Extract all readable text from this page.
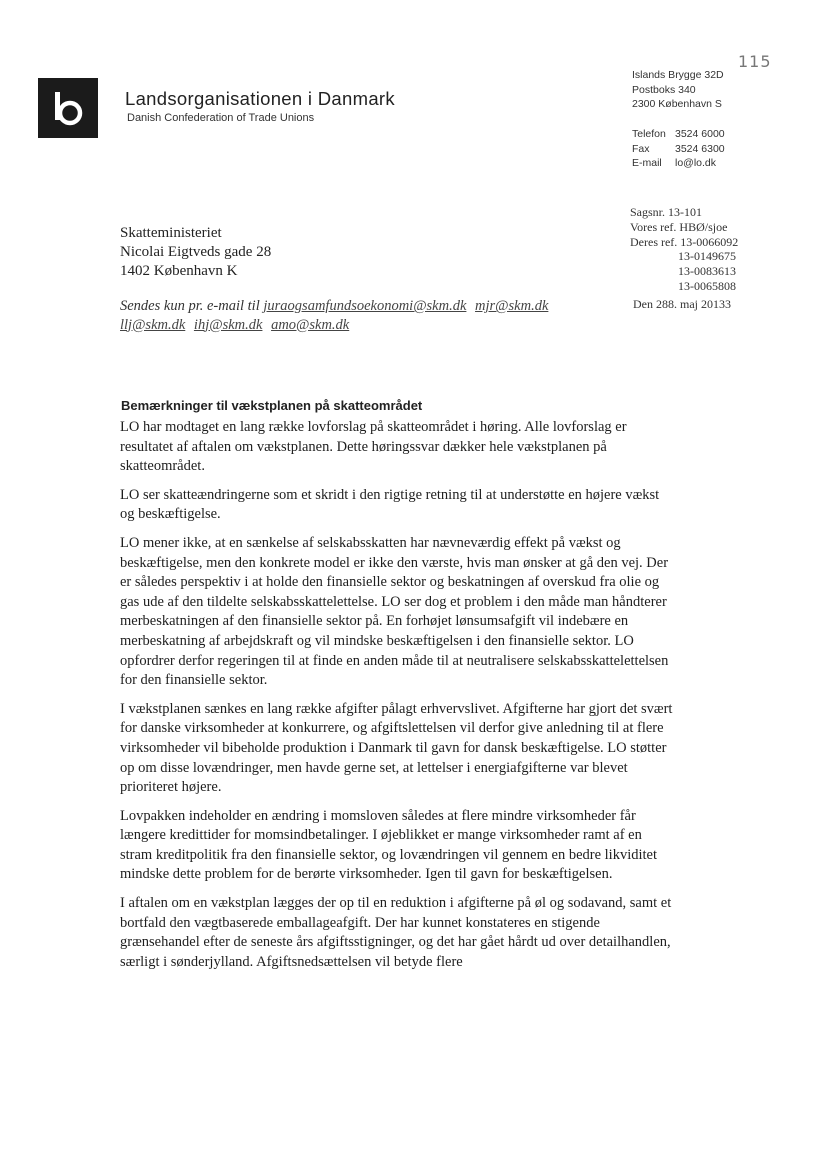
Landsorganisationen i Danmark
Danish Confederation of Trade Unions
115
Islands Brygge 32D
Postboks 340
2300 København S
Telefon 3524 6000
Fax	3524 6300
E-mail	lo@lo.dk
Sagsnr. 13-101
Vores ref. HBØ/sjoe
Deres ref. 13-0066092
13-0149675
13-0083613
13-0065808
Den 288. maj 20133
Skatteministeriet
Nicolai Eigtveds gade 28
1402 København K
Sendes kun pr. e-mail til juraogsamfundsoekonomi@skm.dk mjr@skm.dk llj@skm.dk ihj@skm.dk amo@skm.dk
Bemærkninger til vækstplanen på skatteområdet

LO har modtaget en lang række lovforslag på skatteområdet i høring. Alle lovforslag er resultatet af aftalen om vækstplanen. Dette høringssvar dækker hele vækstplanen på skatteområdet.

LO ser skatteændringerne som et skridt i den rigtige retning til at understøtte en højere vækst og beskæftigelse.

LO mener ikke, at en sænkelse af selskabsskatten har nævneværdig effekt på vækst og beskæftigelse, men den konkrete model er ikke den værste, hvis man ønsker at gå den vej. Der er således perspektiv i at holde den finansielle sektor og beskatningen af overskud fra olie og gas ude af den tildelte selskabsskattelettelse. LO ser dog et problem i den måde man håndterer merbeskatningen af den finansielle sektor på. En forhøjet lønsumsafgift vil indebære en merbeskatning af arbejdskraft og vil mindske beskæftigelsen i den finansielle sektor. LO opfordrer derfor regeringen til at finde en anden måde til at neutralisere selskabsskattelettelsen for den finansielle sektor.

I vækstplanen sænkes en lang række afgifter pålagt erhvervslivet. Afgifterne har gjort det svært for danske virksomheder at konkurrere, og afgiftslettelsen vil derfor give anledning til at flere virksomheder vil bibeholde produktion i Danmark til gavn for dansk beskæftigelse. LO støtter op om disse lovændringer, men havde gerne set, at lettelser i energiafgifterne var blevet prioriteret højere.

Lovpakken indeholder en ændring i momsloven således at flere mindre virksomheder får længere kredittider for momsindbetalinger. I øjeblikket er mange virksomheder ramt af en stram kreditpolitik fra den finansielle sektor, og lovændringen vil gennem en bedre likviditet mindske dette problem for de berørte virksomheder. Igen til gavn for beskæftigelsen.

I aftalen om en vækstplan lægges der op til en reduktion i afgifterne på øl og sodavand, samt et bortfald den vægtbaserede emballageafgift. Der har kunnet konstateres en stigende grænsehandel efter de seneste års afgiftsstigninger, og det har gået hårdt ud over detailhandlen, særligt i sønderjylland. Afgiftsnedsættelsen vil betyde flere
